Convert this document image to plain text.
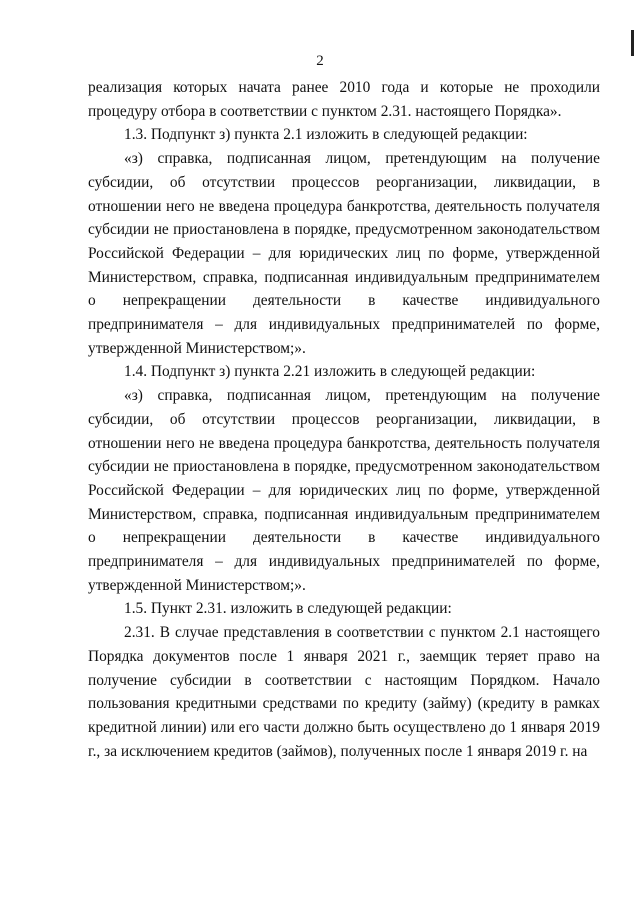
2

реализация которых начата ранее 2010 года и которые не проходили процедуру отбора в соответствии с пунктом 2.31. настоящего Порядка».

1.3. Подпункт з) пункта 2.1 изложить в следующей редакции:

«з) справка, подписанная лицом, претендующим на получение субсидии, об отсутствии процессов реорганизации, ликвидации, в отношении него не введена процедура банкротства, деятельность получателя субсидии не приостановлена в порядке, предусмотренном законодательством Российской Федерации – для юридических лиц по форме, утвержденной Министерством, справка, подписанная индивидуальным предпринимателем о непрекращении деятельности в качестве индивидуального предпринимателя – для индивидуальных предпринимателей по форме, утвержденной Министерством;».

1.4. Подпункт з) пункта 2.21 изложить в следующей редакции:

«з) справка, подписанная лицом, претендующим на получение субсидии, об отсутствии процессов реорганизации, ликвидации, в отношении него не введена процедура банкротства, деятельность получателя субсидии не приостановлена в порядке, предусмотренном законодательством Российской Федерации – для юридических лиц по форме, утвержденной Министерством, справка, подписанная индивидуальным предпринимателем о непрекращении деятельности в качестве индивидуального предпринимателя – для индивидуальных предпринимателей по форме, утвержденной Министерством;».

1.5. Пункт 2.31. изложить в следующей редакции:

2.31. В случае представления в соответствии с пунктом 2.1 настоящего Порядка документов после 1 января 2021 г., заемщик теряет право на получение субсидии в соответствии с настоящим Порядком. Начало пользования кредитными средствами по кредиту (займу) (кредиту в рамках кредитной линии) или его части должно быть осуществлено до 1 января 2019 г., за исключением кредитов (займов), полученных после 1 января 2019 г. на
